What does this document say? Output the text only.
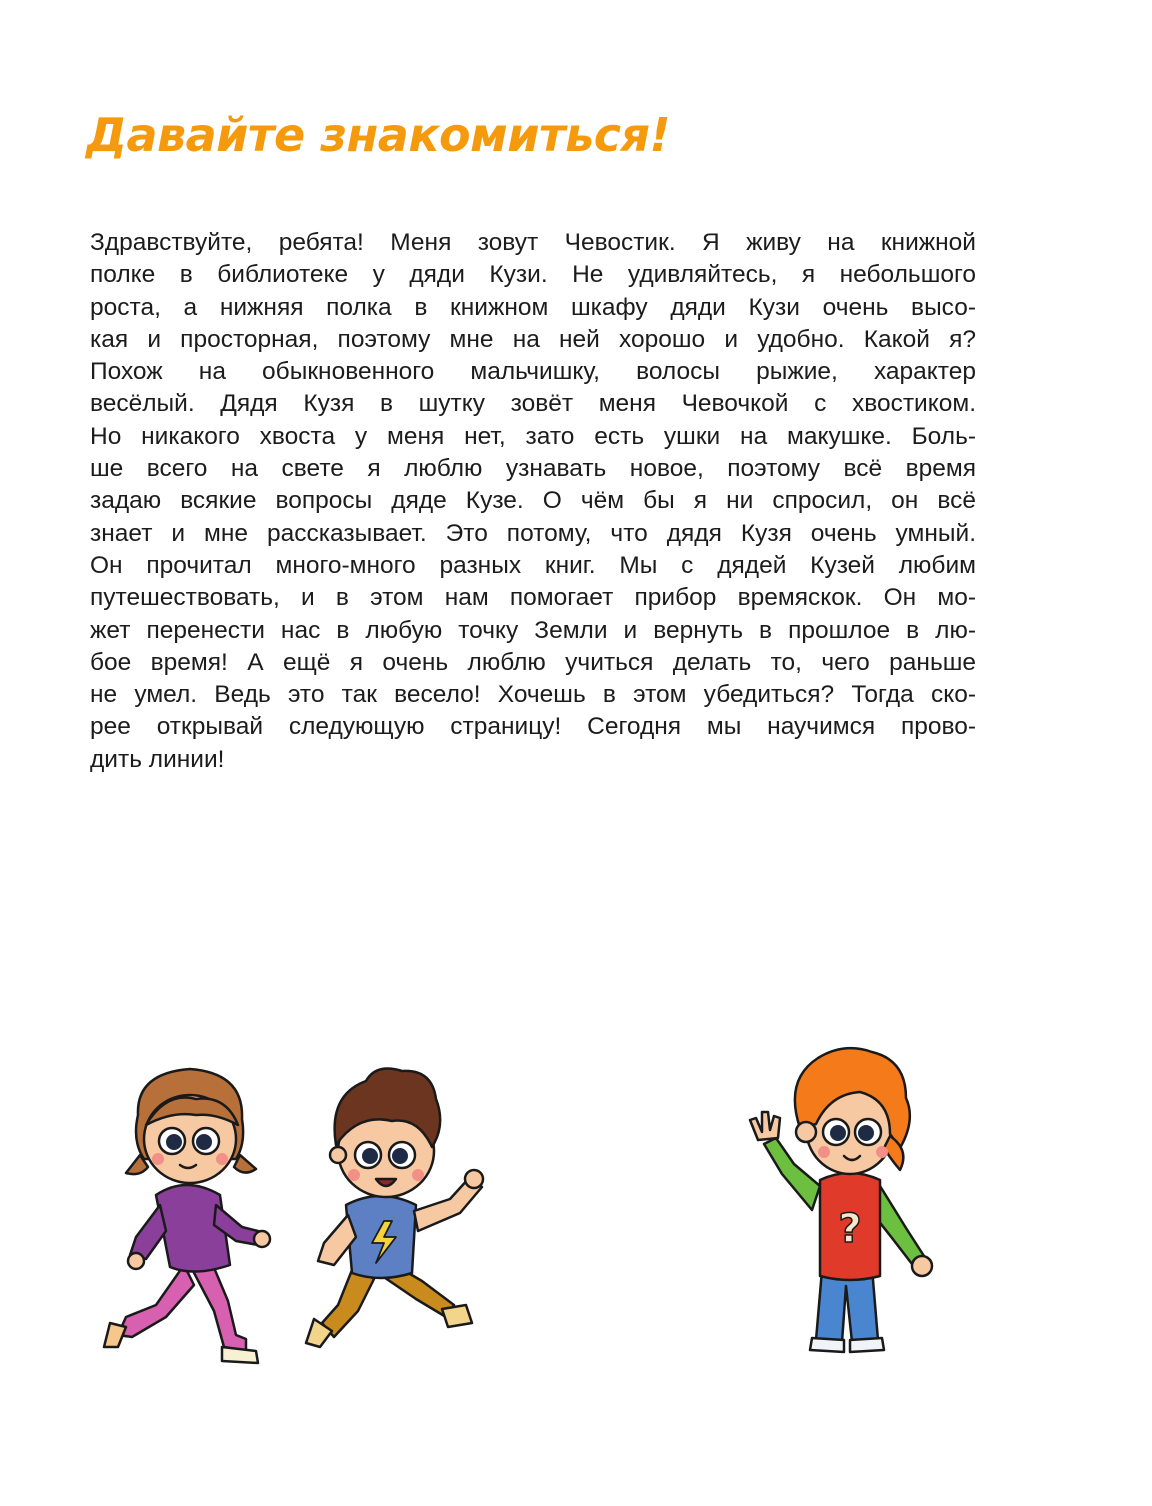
Давайте знакомиться!
Здравствуйте, ребята! Меня зовут Чевостик. Я живу на книжной
полке в библиотеке у дяди Кузи. Не удивляйтесь, я небольшого
роста, а нижняя полка в книжном шкафу дяди Кузи очень высо-
кая и просторная, поэтому мне на ней хорошо и удобно. Какой я?
Похож на обыкновенного мальчишку, волосы рыжие, характер
весёлый. Дядя Кузя в шутку зовёт меня Чевочкой с хвостиком.
Но никакого хвоста у меня нет, зато есть ушки на макушке. Боль-
ше всего на свете я люблю узнавать новое, поэтому всё время
задаю всякие вопросы дяде Кузе. О чём бы я ни спросил, он всё
знает и мне рассказывает. Это потому, что дядя Кузя очень умный.
Он прочитал много-много разных книг. Мы с дядей Кузей любим
путешествовать, и в этом нам помогает прибор времяскок. Он мо-
жет перенести нас в любую точку Земли и вернуть в прошлое в лю-
бое время! А ещё я очень люблю учиться делать то, чего раньше
не умел. Ведь это так весело! Хочешь в этом убедиться? Тогда ско-
рее открывай следующую страницу! Сегодня мы научимся прово-
дить линии!
?
